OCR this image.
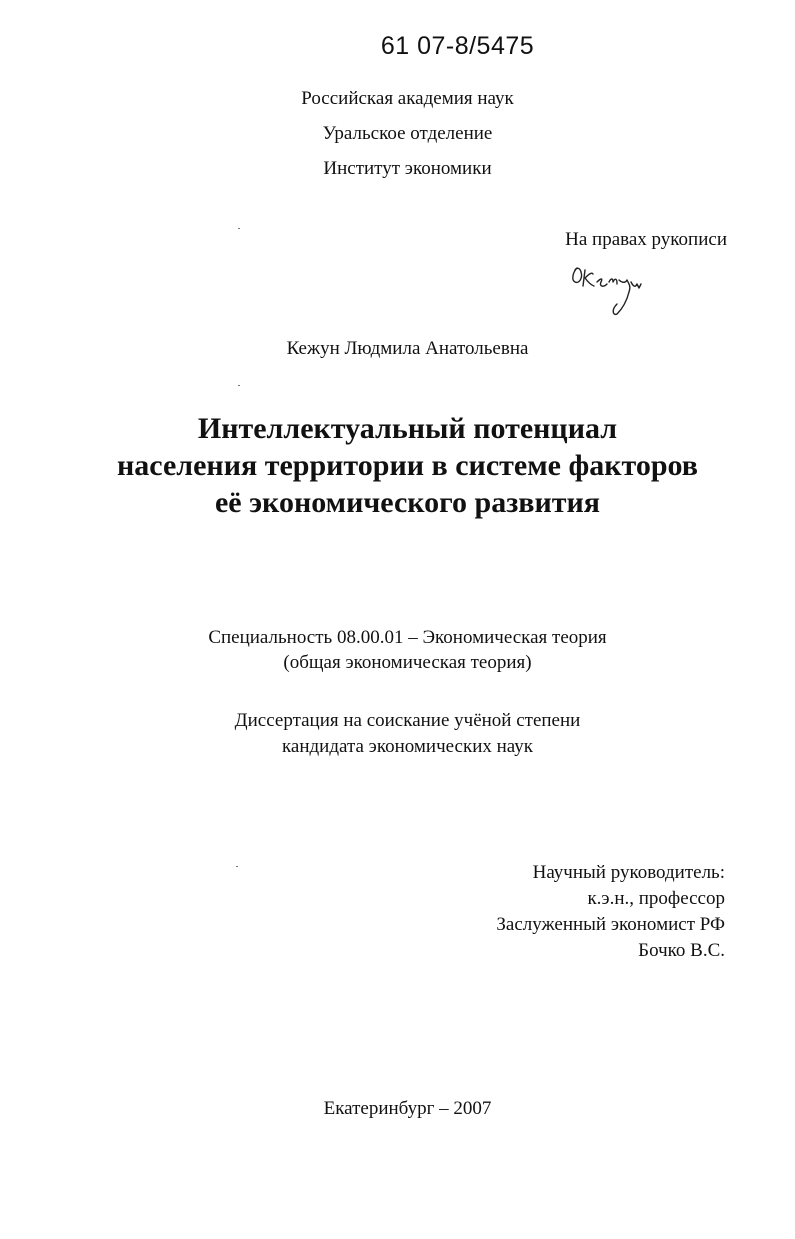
61 07-8/5475
Российская академия наук
Уральское отделение
Институт экономики
На правах рукописи
Кежун Людмила Анатольевна
Интеллектуальный потенциал
населения территории в системе факторов
её экономического развития
Специальность 08.00.01 – Экономическая теория
(общая экономическая теория)
Диссертация на соискание учёной степени
кандидата экономических наук
Научный руководитель:
к.э.н., профессор
Заслуженный экономист РФ
Бочко В.С.
Екатеринбург – 2007
